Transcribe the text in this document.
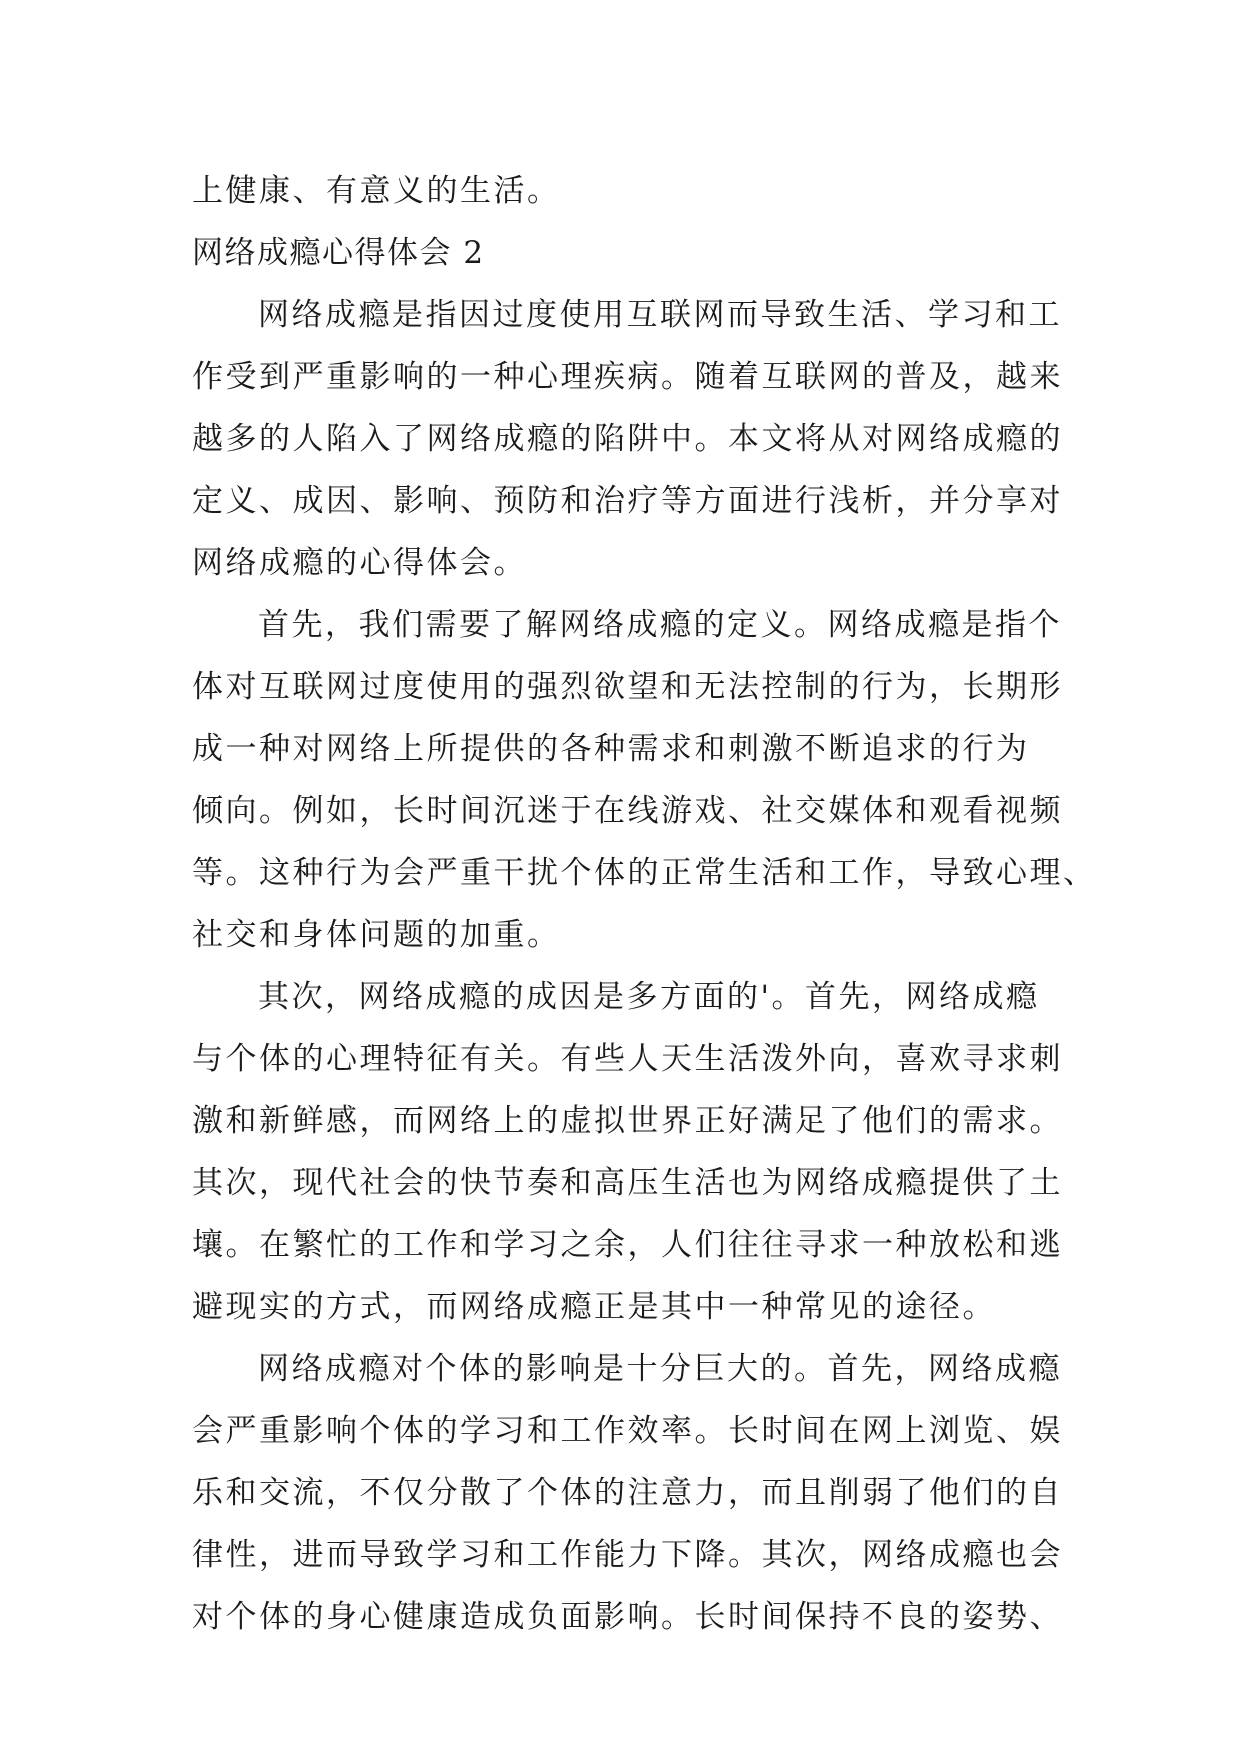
上健康、有意义的生活。
网络成瘾心得体会 2
网络成瘾是指因过度使用互联网而导致生活、学习和工
作受到严重影响的一种心理疾病。随着互联网的普及，越来
越多的人陷入了网络成瘾的陷阱中。本文将从对网络成瘾的
定义、成因、影响、预防和治疗等方面进行浅析，并分享对
网络成瘾的心得体会。
首先，我们需要了解网络成瘾的定义。网络成瘾是指个
体对互联网过度使用的强烈欲望和无法控制的行为，长期形
成一种对网络上所提供的各种需求和刺激不断追求的行为
倾向。例如，长时间沉迷于在线游戏、社交媒体和观看视频
等。这种行为会严重干扰个体的正常生活和工作，导致心理、
社交和身体问题的加重。
其次，网络成瘾的成因是多方面的'。首先，网络成瘾
与个体的心理特征有关。有些人天生活泼外向，喜欢寻求刺
激和新鲜感，而网络上的虚拟世界正好满足了他们的需求。
其次，现代社会的快节奏和高压生活也为网络成瘾提供了土
壤。在繁忙的工作和学习之余，人们往往寻求一种放松和逃
避现实的方式，而网络成瘾正是其中一种常见的途径。
网络成瘾对个体的影响是十分巨大的。首先，网络成瘾
会严重影响个体的学习和工作效率。长时间在网上浏览、娱
乐和交流，不仅分散了个体的注意力，而且削弱了他们的自
律性，进而导致学习和工作能力下降。其次，网络成瘾也会
对个体的身心健康造成负面影响。长时间保持不良的姿势、
